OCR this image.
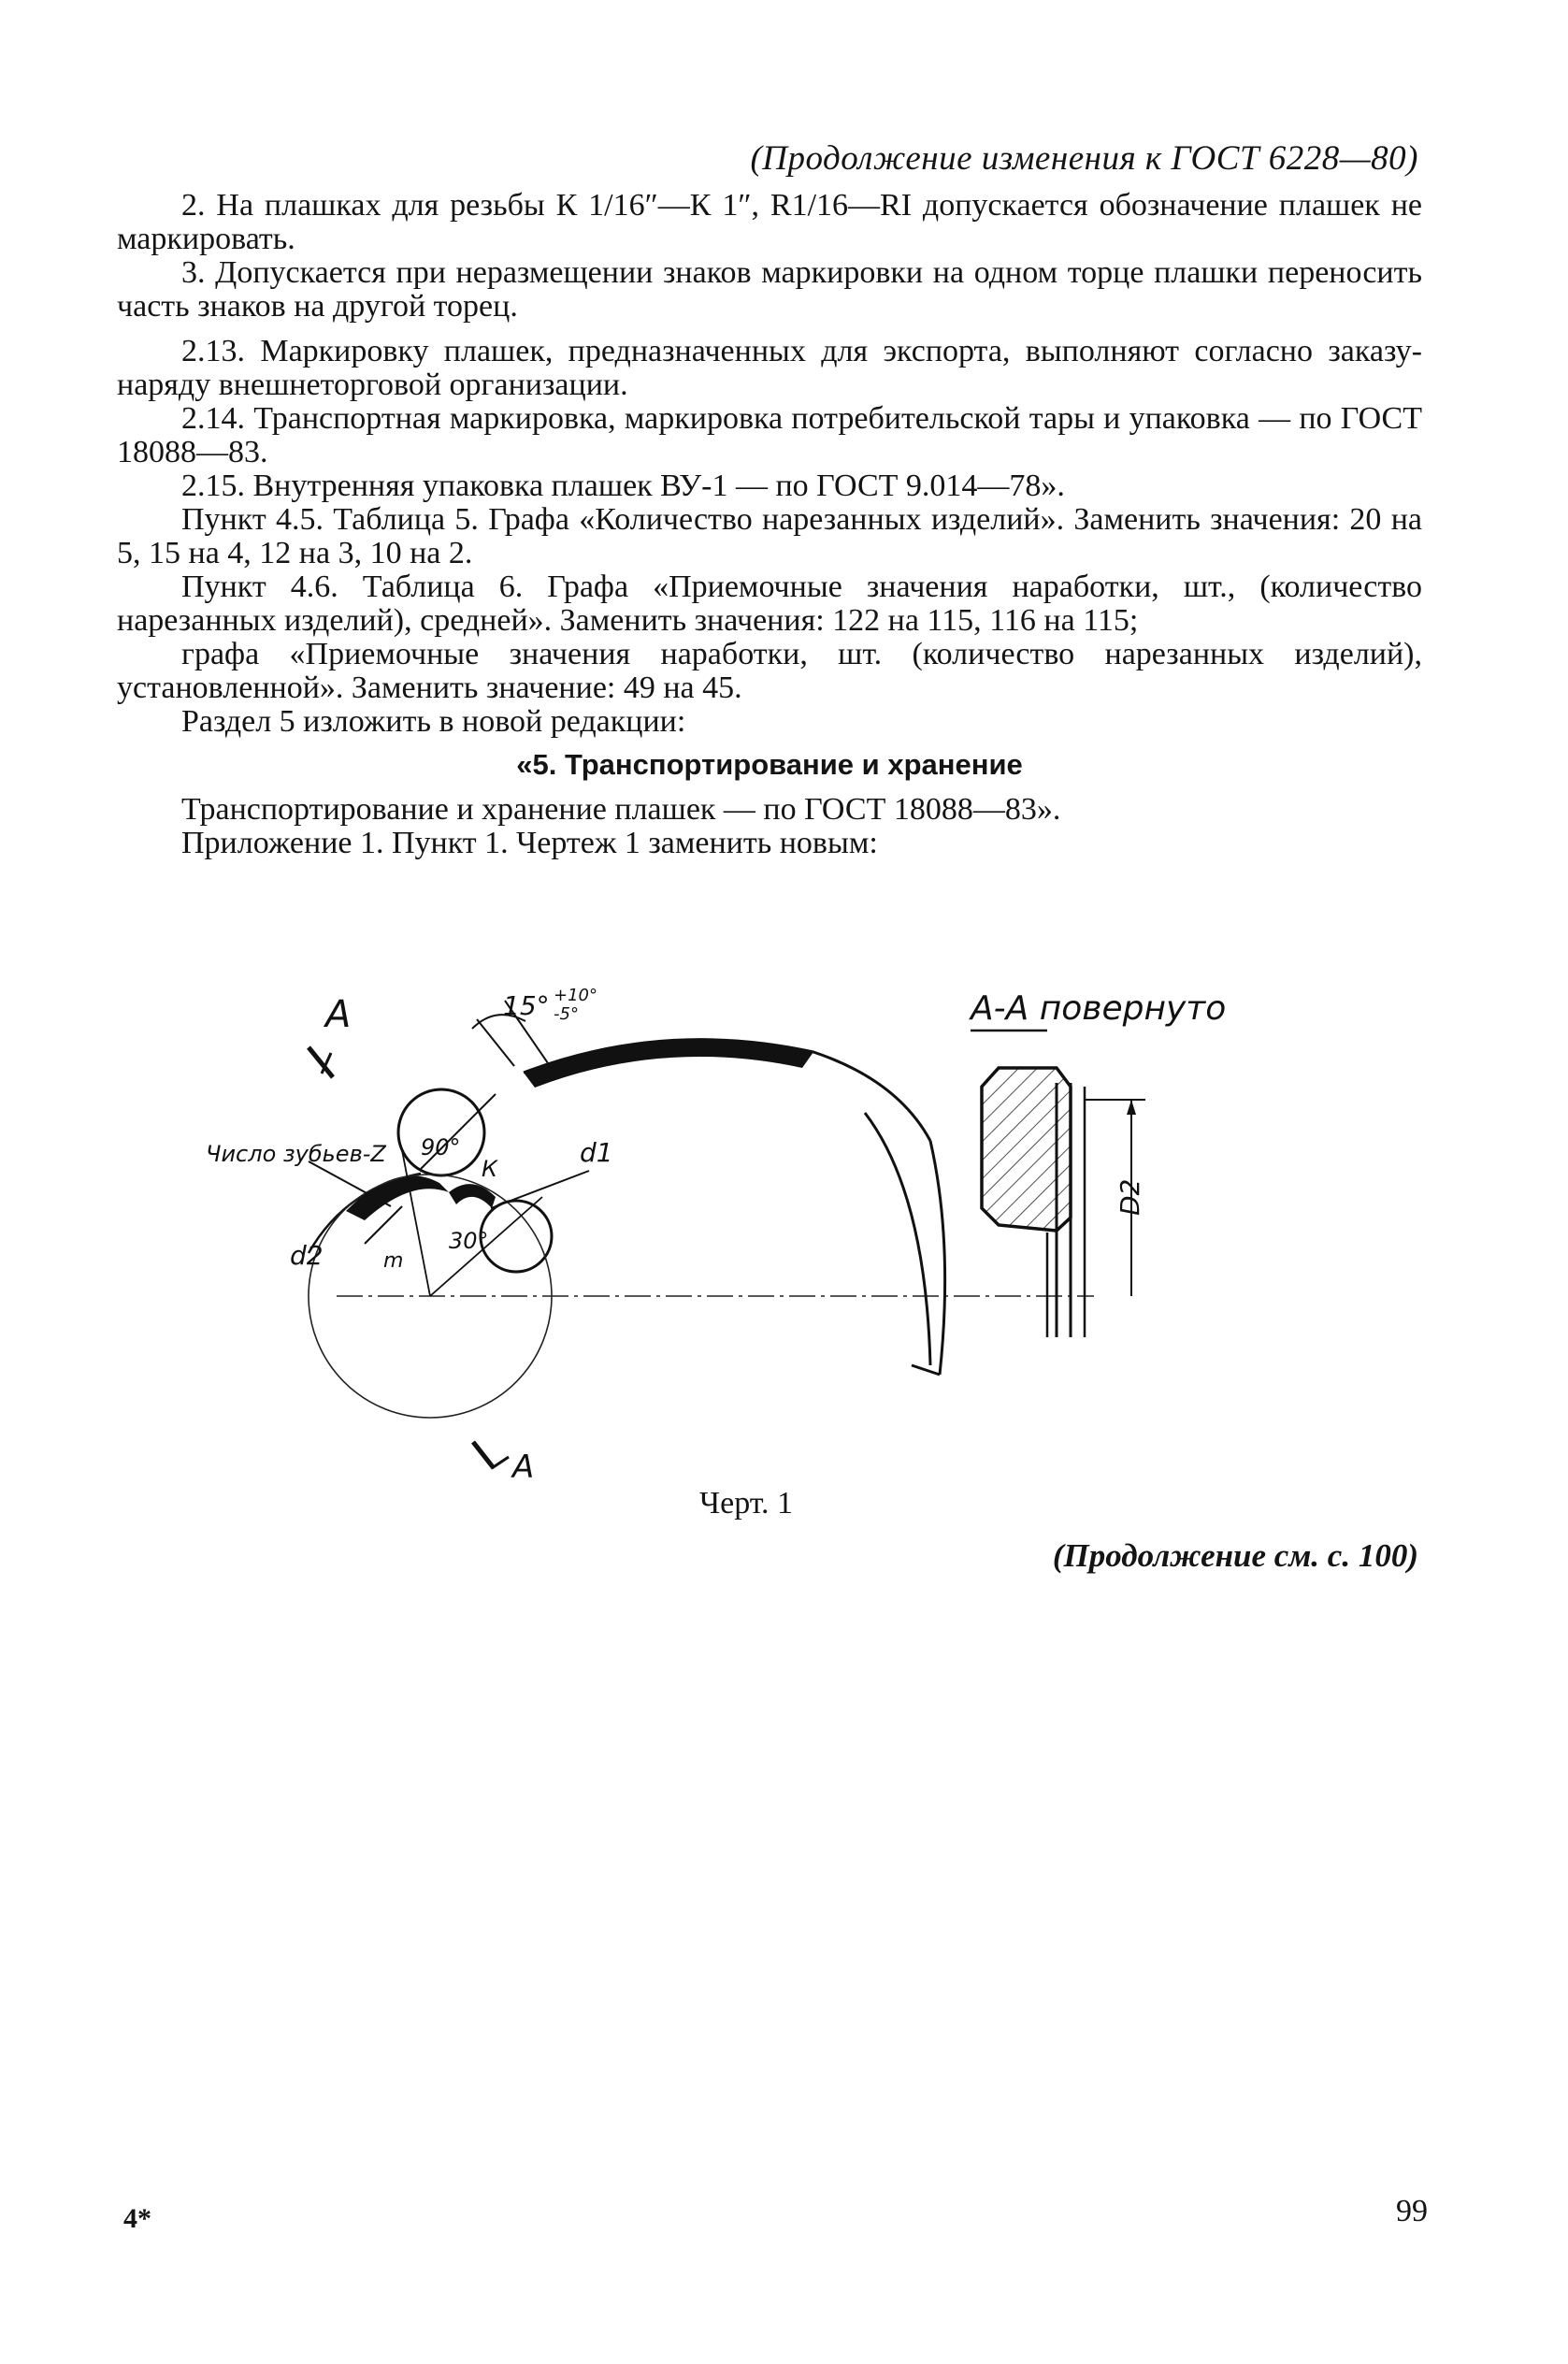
(Продолжение изменения к ГОСТ 6228—80)

2. На плашках для резьбы К 1/16″—К 1″, R1/16—RI допускается обозначение плашек не маркировать.

3. Допускается при неразмещении знаков маркировки на одном торце плашки переносить часть знаков на другой торец.

2.13. Маркировку плашек, предназначенных для экспорта, выполняют согласно заказу-наряду внешнеторговой организации.

2.14. Транспортная маркировка, маркировка потребительской тары и упаковка — по ГОСТ 18088—83.

2.15. Внутренняя упаковка плашек ВУ-1 — по ГОСТ 9.014—78».

Пункт 4.5. Таблица 5. Графа «Количество нарезанных изделий». Заменить значения: 20 на 5, 15 на 4, 12 на 3, 10 на 2.

Пункт 4.6. Таблица 6. Графа «Приемочные значения наработки, шт., (количество нарезанных изделий), средней». Заменить значения: 122 на 115, 116 на 115;

графа «Приемочные значения наработки, шт. (количество нарезанных изделий), установленной». Заменить значение: 49 на 45.

Раздел 5 изложить в новой редакции:

«5. Транспортирование и хранение

Транспортирование и хранение плашек — по ГОСТ 18088—83».

Приложение 1. Пункт 1. Чертеж 1 заменить новым:

А
А
15° +10°
-5°
Число зубьев-Z 90°
К
d1
d2	30°
m
А-А повернуто
D2
Черт. 1
(Продолжение см. с. 100)
4*	99
